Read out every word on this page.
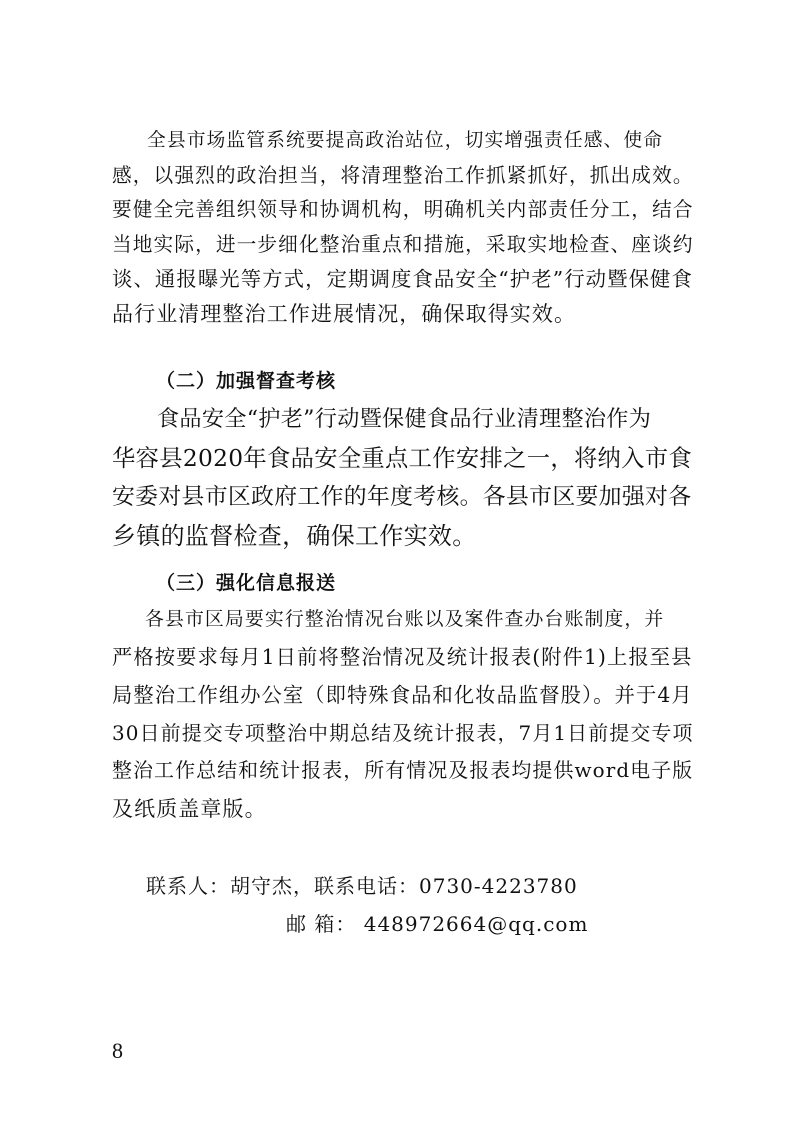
全县市场监管系统要提高政治站位，切实增强责任感、使命
感，以强烈的政治担当，将清理整治工作抓紧抓好，抓出成效。
要健全完善组织领导和协调机构，明确机关内部责任分工，结合
当地实际，进一步细化整治重点和措施，采取实地检查、座谈约
谈、通报曝光等方式，定期调度食品安全“护老”行动暨保健食
品行业清理整治工作进展情况，确保取得实效。
（二）加强督查考核
食品安全“护老”行动暨保健食品行业清理整治作为
华容县2020年食品安全重点工作安排之一，将纳入市食
安委对县市区政府工作的年度考核。各县市区要加强对各
乡镇的监督检查，确保工作实效。
（三）强化信息报送
各县市区局要实行整治情况台账以及案件查办台账制度，并
严格按要求每月1日前将整治情况及统计报表(附件1)上报至县
局整治工作组办公室（即特殊食品和化妆品监督股）。并于4月
30日前提交专项整治中期总结及统计报表，7月1日前提交专项
整治工作总结和统计报表，所有情况及报表均提供word电子版
及纸质盖章版。
联系人：胡守杰，联系电话：0730-4223780
邮 箱： 448972664@qq.com
8
